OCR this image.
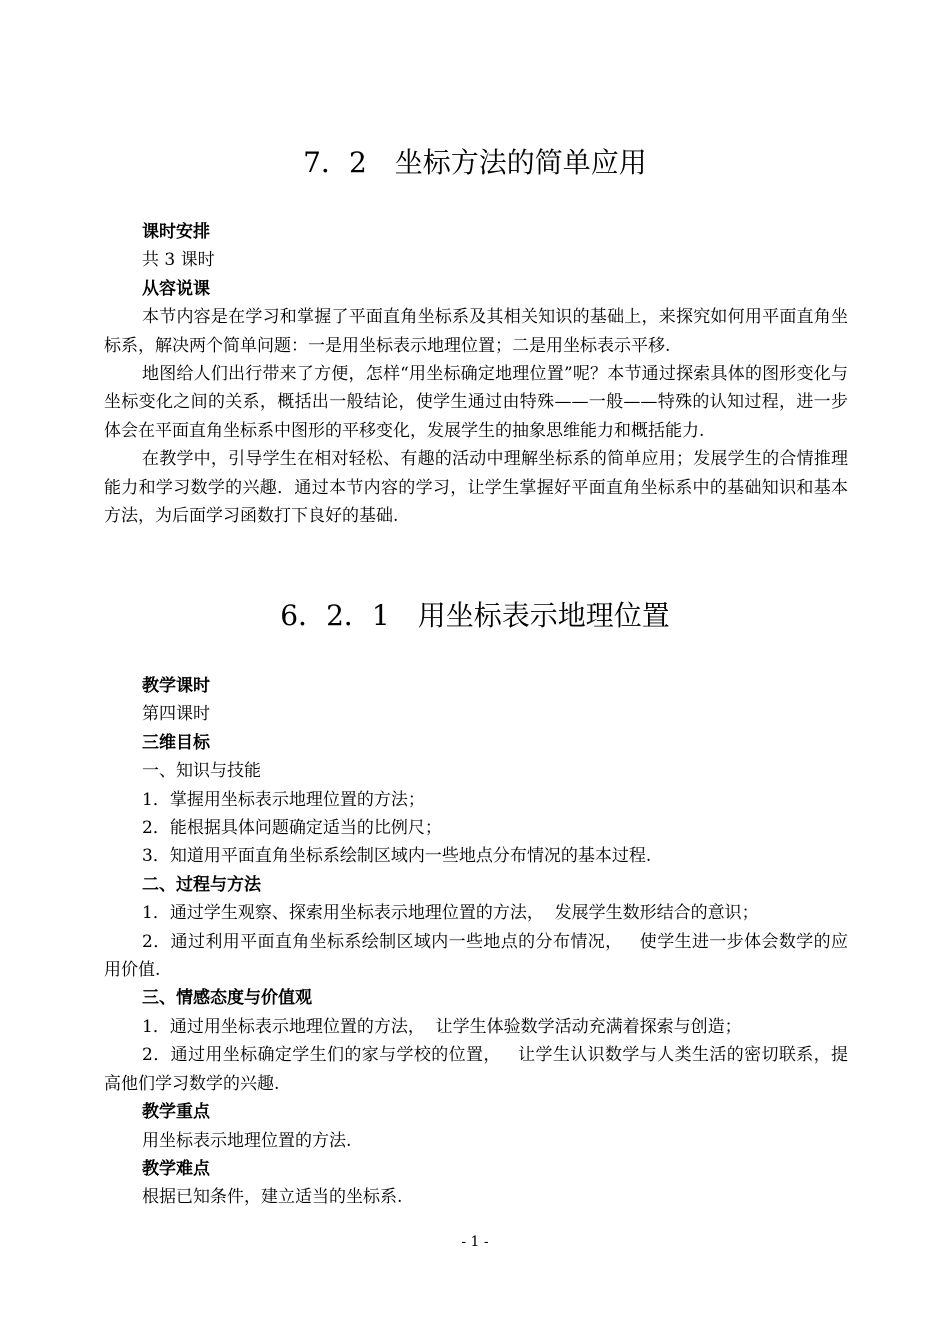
7．2　坐标方法的简单应用
课时安排
共 3 课时
从容说课
本节内容是在学习和掌握了平面直角坐标系及其相关知识的基础上，来探究如何用平面直角坐标系，解决两个简单问题：一是用坐标表示地理位置；二是用坐标表示平移.
地图给人们出行带来了方便，怎样“用坐标确定地理位置”呢？本节通过探索具体的图形变化与坐标变化之间的关系，概括出一般结论，使学生通过由特殊——一般——特殊的认知过程，进一步体会在平面直角坐标系中图形的平移变化，发展学生的抽象思维能力和概括能力.
在教学中，引导学生在相对轻松、有趣的活动中理解坐标系的简单应用；发展学生的合情推理能力和学习数学的兴趣．通过本节内容的学习，让学生掌握好平面直角坐标系中的基础知识和基本方法，为后面学习函数打下良好的基础.
6．2．1　用坐标表示地理位置
教学课时
第四课时
三维目标
一、知识与技能
1．掌握用坐标表示地理位置的方法；
2．能根据具体问题确定适当的比例尺；
3．知道用平面直角坐标系绘制区域内一些地点分布情况的基本过程.
二、过程与方法
1．通过学生观察、探索用坐标表示地理位置的方法，  发展学生数形结合的意识；
2．通过利用平面直角坐标系绘制区域内一些地点的分布情况，   使学生进一步体会数学的应用价值.
三、情感态度与价值观
1．通过用坐标表示地理位置的方法，  让学生体验数学活动充满着探索与创造；
2．通过用坐标确定学生们的家与学校的位置，   让学生认识数学与人类生活的密切联系，提高他们学习数学的兴趣.
教学重点
用坐标表示地理位置的方法.
教学难点
根据已知条件，建立适当的坐标系.
- 1 -
